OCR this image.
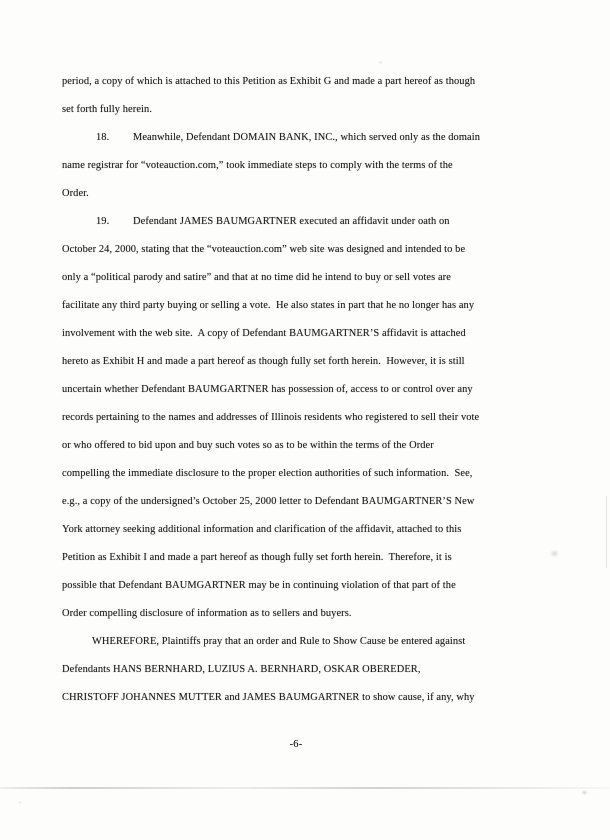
period, a copy of which is attached to this Petition as Exhibit G and made a part hereof as though
set forth fully herein.
18. Meanwhile, Defendant DOMAIN BANK, INC., which served only as the domain
name registrar for “voteauction.com,” took immediate steps to comply with the terms of the
Order.
19. Defendant JAMES BAUMGARTNER executed an affidavit under oath on
October 24, 2000, stating that the “voteauction.com” web site was designed and intended to be
only a “political parody and satire” and that at no time did he intend to buy or sell votes are
facilitate any third party buying or selling a vote.  He also states in part that he no longer has any
involvement with the web site.  A copy of Defendant BAUMGARTNER’S affidavit is attached
hereto as Exhibit H and made a part hereof as though fully set forth herein.  However, it is still
uncertain whether Defendant BAUMGARTNER has possession of, access to or control over any
records pertaining to the names and addresses of Illinois residents who registered to sell their vote
or who offered to bid upon and buy such votes so as to be within the terms of the Order
compelling the immediate disclosure to the proper election authorities of such information.  See,
e.g., a copy of the undersigned’s October 25, 2000 letter to Defendant BAUMGARTNER’S New
York attorney seeking additional information and clarification of the affidavit, attached to this
Petition as Exhibit I and made a part hereof as though fully set forth herein.  Therefore, it is
possible that Defendant BAUMGARTNER may be in continuing violation of that part of the
Order compelling disclosure of information as to sellers and buyers.
WHEREFORE, Plaintiffs pray that an order and Rule to Show Cause be entered against
Defendants HANS BERNHARD, LUZIUS A. BERNHARD, OSKAR OBEREDER,
CHRISTOFF JOHANNES MUTTER and JAMES BAUMGARTNER to show cause, if any, why
-6-
